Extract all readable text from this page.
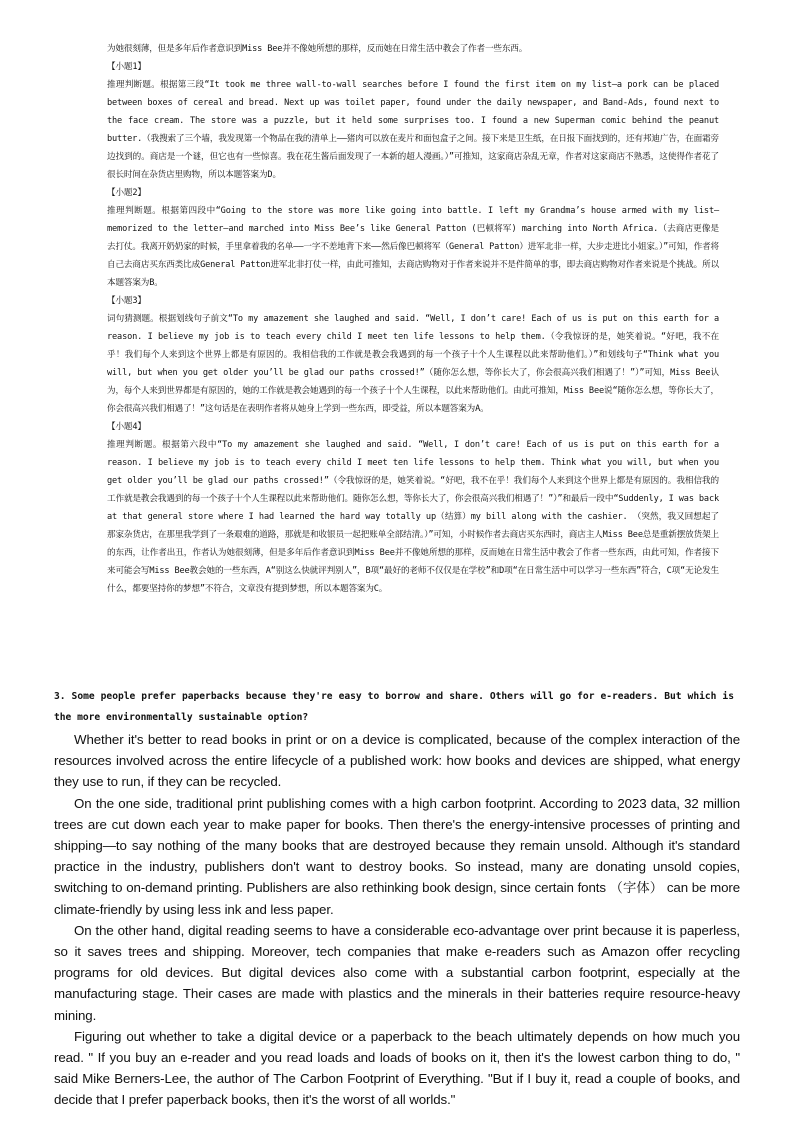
为她很刻薄，但是多年后作者意识到Miss Bee并不像她所想的那样，反而她在日常生活中教会了作者一些东西。

【小题1】

推理判断题。根据第三段“It took me three wall-to-wall searches before I found the first item on my list—a pork can be placed between boxes of cereal and bread. Next up was toilet paper, found under the daily newspaper, and Band-Ads, found next to the face cream. The store was a puzzle, but it held some surprises too. I found a new Superman comic behind the peanut butter.（我搜索了三个墙，我发现第一个物品在我的清单上——猪肉可以放在麦片和面包盒子之间。接下来是卫生纸，在日报下面找到的，还有邦迪广告，在面霜旁边找到的。商店是一个谜，但它也有一些惊喜。我在花生酱后面发现了一本新的超人漫画。）”可推知，这家商店杂乱无章，作者对这家商店不熟悉，这使得作者花了很长时间在杂货店里购物，所以本题答案为D。

【小题2】

推理判断题。根据第四段中“Going to the store was more like going into battle. I left my Grandma’s house armed with my list—memorized to the letter—and marched into Miss Bee’s like General Patton (巴顿将军) marching into North Africa.（去商店更像是去打仗。我离开奶奶家的时候，手里拿着我的名单——一字不差地背下来——然后像巴顿将军（General Patton）进军北非一样，大步走进比小姐家。）”可知，作者将自己去商店买东西类比成General Patton进军北非打仗一样，由此可推知，去商店购物对于作者来说并不是件简单的事，即去商店购物对作者来说是个挑战。所以本题答案为B。

【小题3】

词句猜测题。根据划线句子前文“To my amazement she laughed and said. “Well, I don’t care! Each of us is put on this earth for a reason. I believe my job is to teach every child I meet ten life lessons to help them.（令我惊讶的是，她笑着说。“好吧，我不在乎！我们每个人来到这个世界上都是有原因的。我相信我的工作就是教会我遇到的每一个孩子十个人生课程以此来帮助他们。）”和划线句子“Think what you will, but when you get older you’ll be glad our paths crossed!”（随你怎么想，等你长大了，你会很高兴我们相遇了！”）”可知，Miss Bee认为，每个人来到世界都是有原因的，她的工作就是教会她遇到的每一个孩子十个人生课程，以此来帮助他们。由此可推知，Miss Bee说“随你怎么想，等你长大了，你会很高兴我们相遇了！”这句话是在表明作者将从她身上学到一些东西，即受益，所以本题答案为A。

【小题4】

推理判断题。根据第六段中“To my amazement she laughed and said. “Well, I don’t care! Each of us is put on this earth for a reason. I believe my job is to teach every child I meet ten life lessons to help them. Think what you will, but when you get older you’ll be glad our paths crossed!”（令我惊讶的是，她笑着说。“好吧，我不在乎！我们每个人来到这个世界上都是有原因的。我相信我的工作就是教会我遇到的每一个孩子十个人生课程以此来帮助他们。随你怎么想，等你长大了，你会很高兴我们相遇了！”）”和最后一段中“Suddenly, I was back at that general store where I had learned the hard way totally up（结算）my bill along with the cashier. （突然，我又回想起了那家杂货店，在那里我学到了一条艰难的道路，那就是和收银员一起把账单全部结清。）”可知，小时候作者去商店买东西时，商店主人Miss Bee总是重新摆放货架上的东西，让作者出丑，作者认为她很刻薄，但是多年后作者意识到Miss Bee并不像她所想的那样，反而她在日常生活中教会了作者一些东西，由此可知，作者接下来可能会写Miss Bee教会她的一些东西，A“别这么快就评判别人”，B项“最好的老师不仅仅是在学校”和D项“在日常生活中可以学习一些东西”符合，C项“无论发生什么，都要坚持你的梦想”不符合，文章没有提到梦想，所以本题答案为C。

3. Some people prefer paperbacks because they're easy to borrow and share. Others will go for e-readers. But which is the more environmentally sustainable option?

Whether it's better to read books in print or on a device is complicated, because of the complex interaction of the resources involved across the entire lifecycle of a published work: how books and devices are shipped, what energy they use to run, if they can be recycled.

On the one side, traditional print publishing comes with a high carbon footprint. According to 2023 data, 32 million trees are cut down each year to make paper for books. Then there's the energy-intensive processes of printing and shipping—to say nothing of the many books that are destroyed because they remain unsold. Although it's standard practice in the industry, publishers don't want to destroy books. So instead, many are donating unsold copies, switching to on-demand printing. Publishers are also rethinking book design, since certain fonts （字体） can be more climate-friendly by using less ink and less paper.

On the other hand, digital reading seems to have a considerable eco-advantage over print because it is paperless, so it saves trees and shipping. Moreover, tech companies that make e-readers such as Amazon offer recycling programs for old devices. But digital devices also come with a substantial carbon footprint, especially at the manufacturing stage. Their cases are made with plastics and the minerals in their batteries require resource-heavy mining.

Figuring out whether to take a digital device or a paperback to the beach ultimately depends on how much you read. " If you buy an e-reader and you read loads and loads of books on it, then it's the lowest carbon thing to do, " said Mike Berners-Lee, the author of The Carbon Footprint of Everything. "But if I buy it, read a couple of books, and decide that I prefer paperback books, then it's the worst of all worlds."
